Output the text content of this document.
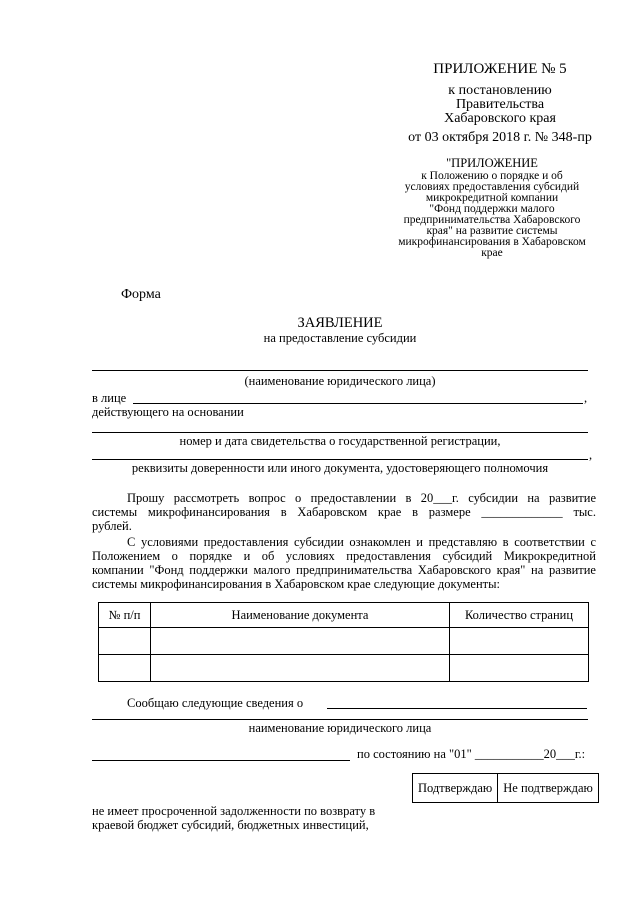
ПРИЛОЖЕНИЕ № 5
к постановлению
Правительства
Хабаровского края
от 03 октября 2018 г. № 348-пр
"ПРИЛОЖЕНИЕ
к Положению о порядке и об
условиях предоставления субсидий
микрокредитной компании
"Фонд поддержки малого
предпринимательства Хабаровского
края" на развитие системы
микрофинансирования в Хабаровском
крае
Форма
ЗАЯВЛЕНИЕ
на предоставление субсидии
(наименование юридического лица)
в лице	,
действующего на основании
номер и дата свидетельства о государственной регистрации,
,
реквизиты доверенности или иного документа, удостоверяющего полномочия
Прошу рассмотреть вопрос о предоставлении в 20___г. субсидии на развитие
системы микрофинансирования в Хабаровском крае в размере _____________ тыс.
рублей.
С условиями предоставления субсидии ознакомлен и представляю в соответствии с
Положением о порядке и об условиях предоставления субсидий Микрокредитной
компании "Фонд поддержки малого предпринимательства Хабаровского края" на развитие
системы микрофинансирования в Хабаровском крае следующие документы:
№ п/п	Наименование документа	Количество страниц

Сообщаю следующие сведения о
наименование юридического лица
по состоянию на "01" ___________20___г.:
Подтверждаю	Не подтверждаю
не имеет просроченной задолженности по возврату в
краевой бюджет субсидий, бюджетных инвестиций,
